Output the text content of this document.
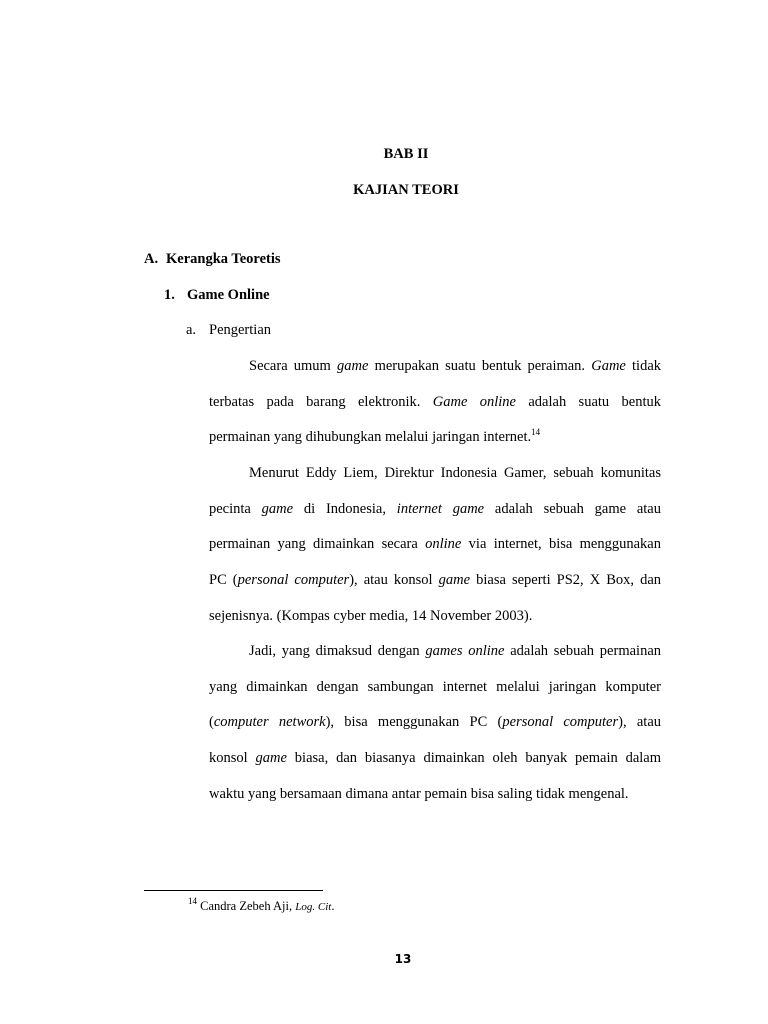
BAB II
KAJIAN TEORI
A. Kerangka Teoretis
1. Game Online
a. Pengertian
Secara umum game merupakan suatu bentuk peraiman. Game tidak
terbatas pada barang elektronik. Game online adalah suatu bentuk
permainan yang dihubungkan melalui jaringan internet.$^{14}$
Menurut Eddy Liem, Direktur Indonesia Gamer, sebuah komunitas
pecinta game di Indonesia, internet game adalah sebuah game atau
permainan yang dimainkan secara online via internet, bisa menggunakan
PC (personal computer), atau konsol game biasa seperti PS2, X Box, dan
sejenisnya. (Kompas cyber media, 14 November 2003).
Jadi, yang dimaksud dengan games online adalah sebuah permainan
yang dimainkan dengan sambungan internet melalui jaringan komputer
(computer network), bisa menggunakan PC (personal computer), atau
konsol game biasa, dan biasanya dimainkan oleh banyak pemain dalam
waktu yang bersamaan dimana antar pemain bisa saling tidak mengenal.
$^{14}$ Candra Zebeh Aji, Log. Cit.
13
